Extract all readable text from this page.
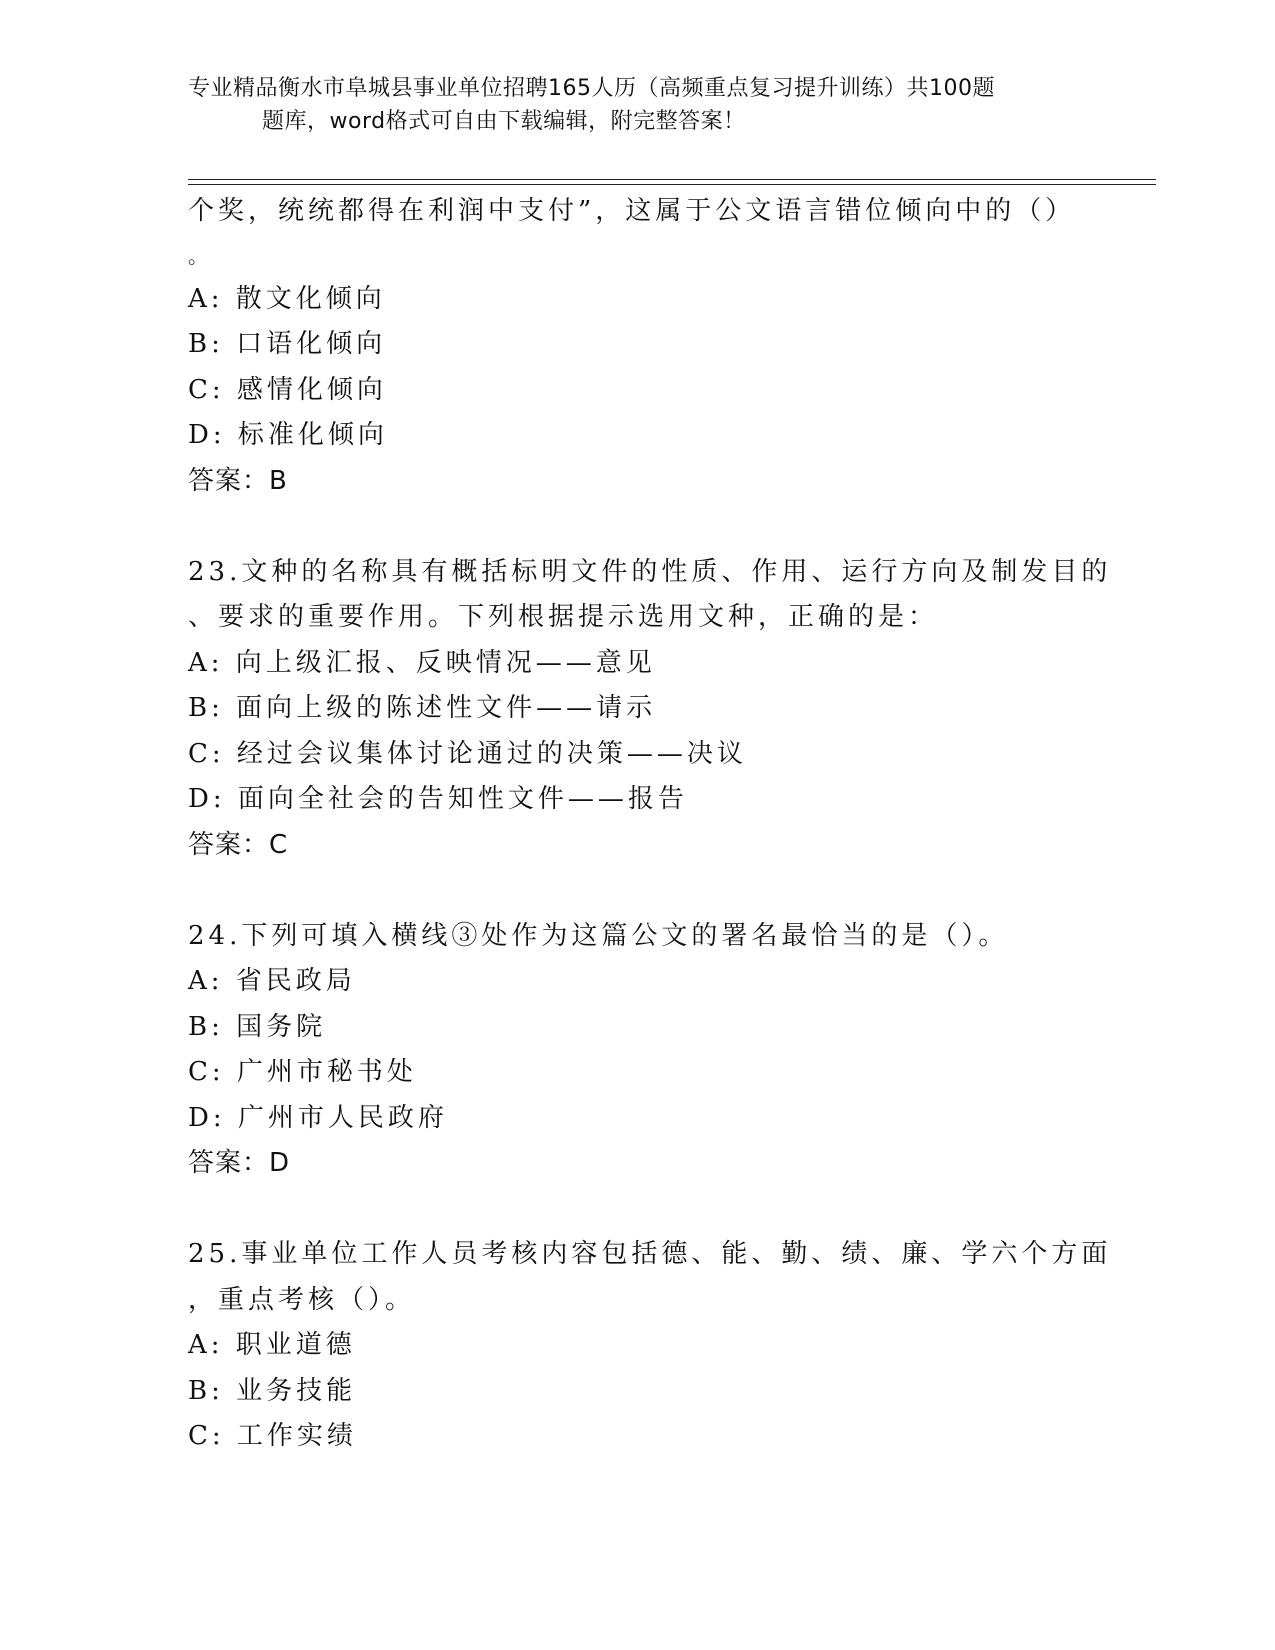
专业精品衡水市阜城县事业单位招聘165人历（高频重点复习提升训练）共100题
题库，word格式可自由下载编辑，附完整答案！
个奖，统统都得在利润中支付”，这属于公文语言错位倾向中的（）
。
A: 散文化倾向
B: 口语化倾向
C: 感情化倾向
D: 标准化倾向
答案：B
23.文种的名称具有概括标明文件的性质、作用、运行方向及制发目的
、要求的重要作用。下列根据提示选用文种，正确的是：
A: 向上级汇报、反映情况——意见
B: 面向上级的陈述性文件——请示
C: 经过会议集体讨论通过的决策——决议
D: 面向全社会的告知性文件——报告
答案：C
24.下列可填入横线③处作为这篇公文的署名最恰当的是（）。
A: 省民政局
B: 国务院
C: 广州市秘书处
D: 广州市人民政府
答案：D
25.事业单位工作人员考核内容包括德、能、勤、绩、廉、学六个方面
，重点考核（）。
A: 职业道德
B: 业务技能
C: 工作实绩
